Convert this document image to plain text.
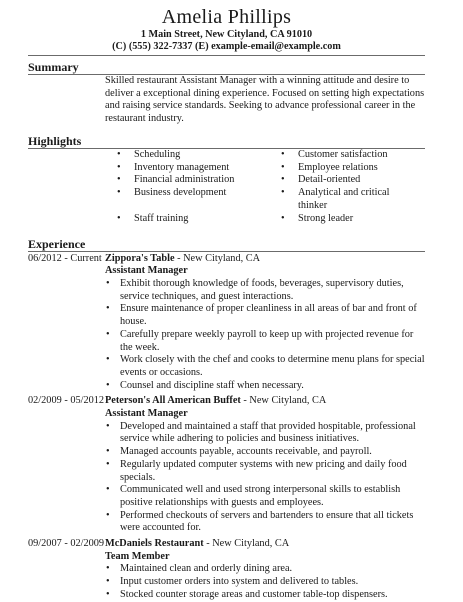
Amelia Phillips
1 Main Street, New Cityland, CA 91010
(C) (555) 322-7337 (E) example-email@example.com
Summary
Skilled restaurant Assistant Manager with a winning attitude and desire to deliver a exceptional dining experience. Focused on setting high expectations and raising service standards. Seeking to advance professional career in the restaurant industry.
Highlights
• Scheduling	• Customer satisfaction
• Inventory management	• Employee relations
• Financial administration	• Detail-oriented
• Business development	• Analytical and critical thinker
• Staff training	• Strong leader
Experience
06/2012 - Current Zippora's Table - New Cityland, CA
Assistant Manager
• Exhibit thorough knowledge of foods, beverages, supervisory duties, service techniques, and guest interactions.
• Ensure maintenance of proper cleanliness in all areas of bar and front of house.
• Carefully prepare weekly payroll to keep up with projected revenue for the week.
• Work closely with the chef and cooks to determine menu plans for special events or occasions.
• Counsel and discipline staff when necessary.
02/2009 - 05/2012 Peterson's All American Buffet - New Cityland, CA
Assistant Manager
• Developed and maintained a staff that provided hospitable, professional service while adhering to policies and business initiatives.
• Managed accounts payable, accounts receivable, and payroll.
• Regularly updated computer systems with new pricing and daily food specials.
• Communicated well and used strong interpersonal skills to establish positive relationships with guests and employees.
• Performed checkouts of servers and bartenders to ensure that all tickets were accounted for.
09/2007 - 02/2009 McDaniels Restaurant - New Cityland, CA
Team Member
• Maintained clean and orderly dining area.
• Input customer orders into system and delivered to tables.
• Stocked counter storage areas and customer table-top dispensers.
